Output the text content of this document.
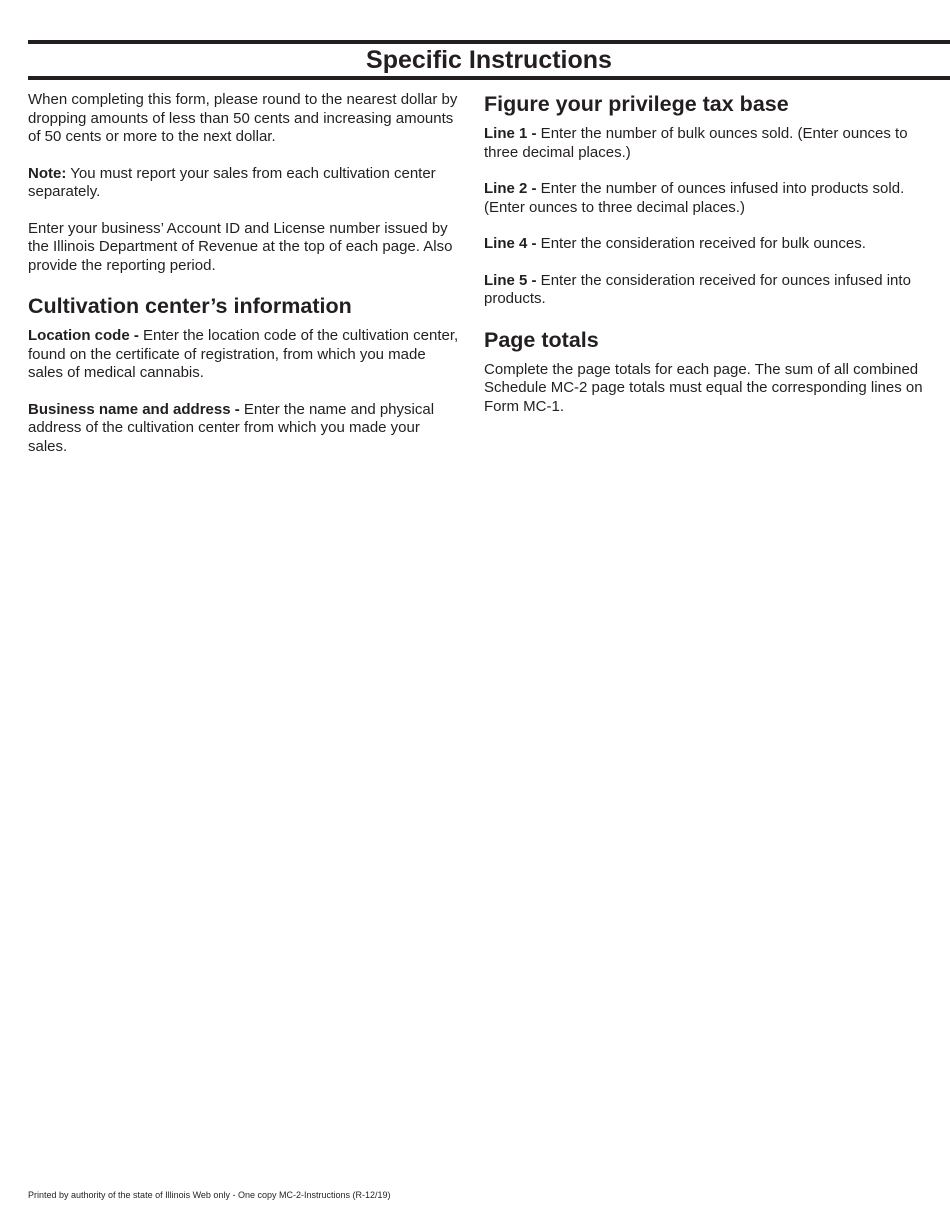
Specific Instructions

When completing this form, please round to the nearest dollar by dropping amounts of less than 50 cents and increasing amounts of 50 cents or more to the next dollar.

Note: You must report your sales from each cultivation center separately.

Enter your business’ Account ID and License number issued by the Illinois Department of Revenue at the top of each page. Also provide the reporting period.

Cultivation center’s information

Location code - Enter the location code of the cultivation center, found on the certificate of registration, from which you made sales of medical cannabis.

Business name and address - Enter the name and physical address of the cultivation center from which you made your sales.

Figure your privilege tax base

Line 1 - Enter the number of bulk ounces sold. (Enter ounces to three decimal places.)

Line 2 - Enter the number of ounces infused into products sold. (Enter ounces to three decimal places.)

Line 4 - Enter the consideration received for bulk ounces.

Line 5 - Enter the consideration received for ounces infused into products.

Page totals

Complete the page totals for each page. The sum of all combined Schedule MC-2 page totals must equal the corresponding lines on Form MC-1.

Printed by authority of the state of Illinois Web only - One copy MC-2-Instructions (R-12/19)
